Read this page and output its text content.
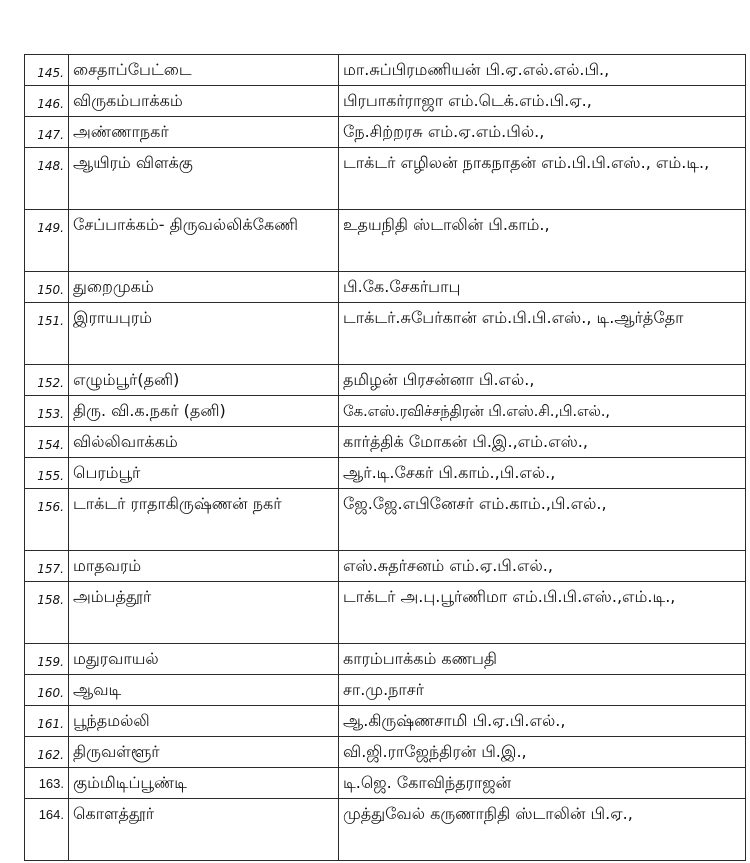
145.	சைதாப்பேட்டை	மா.சுப்பிரமணியன் பி.ஏ.எல்.எல்.பி.,
146.	விருகம்பாக்கம்	பிரபாகர்ராஜா எம்.டெக்.எம்.பி.ஏ.,
147.	அண்ணாநகர்	நே.சிற்றரசு எம்.ஏ.எம்.பில்.,
148.	ஆயிரம் விளக்கு	டாக்டர் எழிலன் நாகநாதன் எம்.பி.பி.எஸ்., எம்.டி.,
149.	சேப்பாக்கம்- திருவல்லிக்கேணி	உதயநிதி ஸ்டாலின் பி.காம்.,
150.	துறைமுகம்	பி.கே.சேகர்பாபு
151.	இராயபுரம்	டாக்டர்.சுபேர்கான் எம்.பி.பி.எஸ்., டி.ஆர்த்தோ
152.	எழும்பூர்(தனி)	தமிழன் பிரசன்னா பி.எல்.,
153.	திரு. வி.க.நகர் (தனி)	கே.எஸ்.ரவிச்சந்திரன் பி.எஸ்.சி.,பி.எல்.,
154.	வில்லிவாக்கம்	கார்த்திக் மோகன் பி.இ.,எம்.எஸ்.,
155.	பெரம்பூர்	ஆர்.டி.சேகர் பி.காம்.,பி.எல்.,
156.	டாக்டர் ராதாகிருஷ்ணன் நகர்	ஜே.ஜே.எபினேசர் எம்.காம்.,பி.எல்.,
157.	மாதவரம்	எஸ்.சுதர்சனம் எம்.ஏ.பி.எல்.,
158.	அம்பத்தூர்	டாக்டர் அ.பு.பூர்ணிமா எம்.பி.பி.எஸ்.,எம்.டி.,
159.	மதுரவாயல்	காரம்பாக்கம் கணபதி
160.	ஆவடி	சா.மு.நாசர்
161.	பூந்தமல்லி	ஆ.கிருஷ்ணசாமி பி.ஏ.பி.எல்.,
162.	திருவள்ளூர்	வி.ஜி.ராஜேந்திரன் பி.இ.,
163.	கும்மிடிப்பூண்டி	டி.ஜெ. கோவிந்தராஜன்
164.	கொளத்தூர்	முத்துவேல் கருணாநிதி ஸ்டாலின் பி.ஏ.,
